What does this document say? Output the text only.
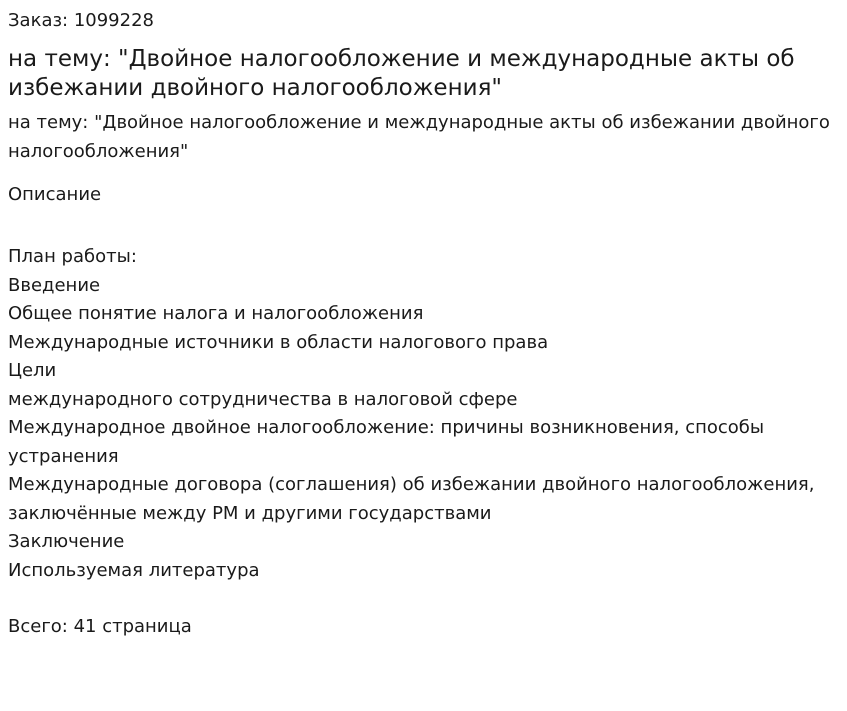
Заказ: 1099228

на тему: "Двойное налогообложение и международные акты об избежании двойного налогообложения"

на тему: "Двойное налогообложение и международные акты об избежании двойного налогообложения"

Описание

План работы:
Введение
Общее понятие налога и налогообложения
Международные источники в области налогового права
Цели
международного сотрудничества в налоговой сфере
Международное двойное налогообложение: причины возникновения, способы устранения
Международные договора (соглашения) об избежании двойного налогообложения, заключённые между РМ и другими государствами
Заключение
Используемая литература

Всего: 41 страница
